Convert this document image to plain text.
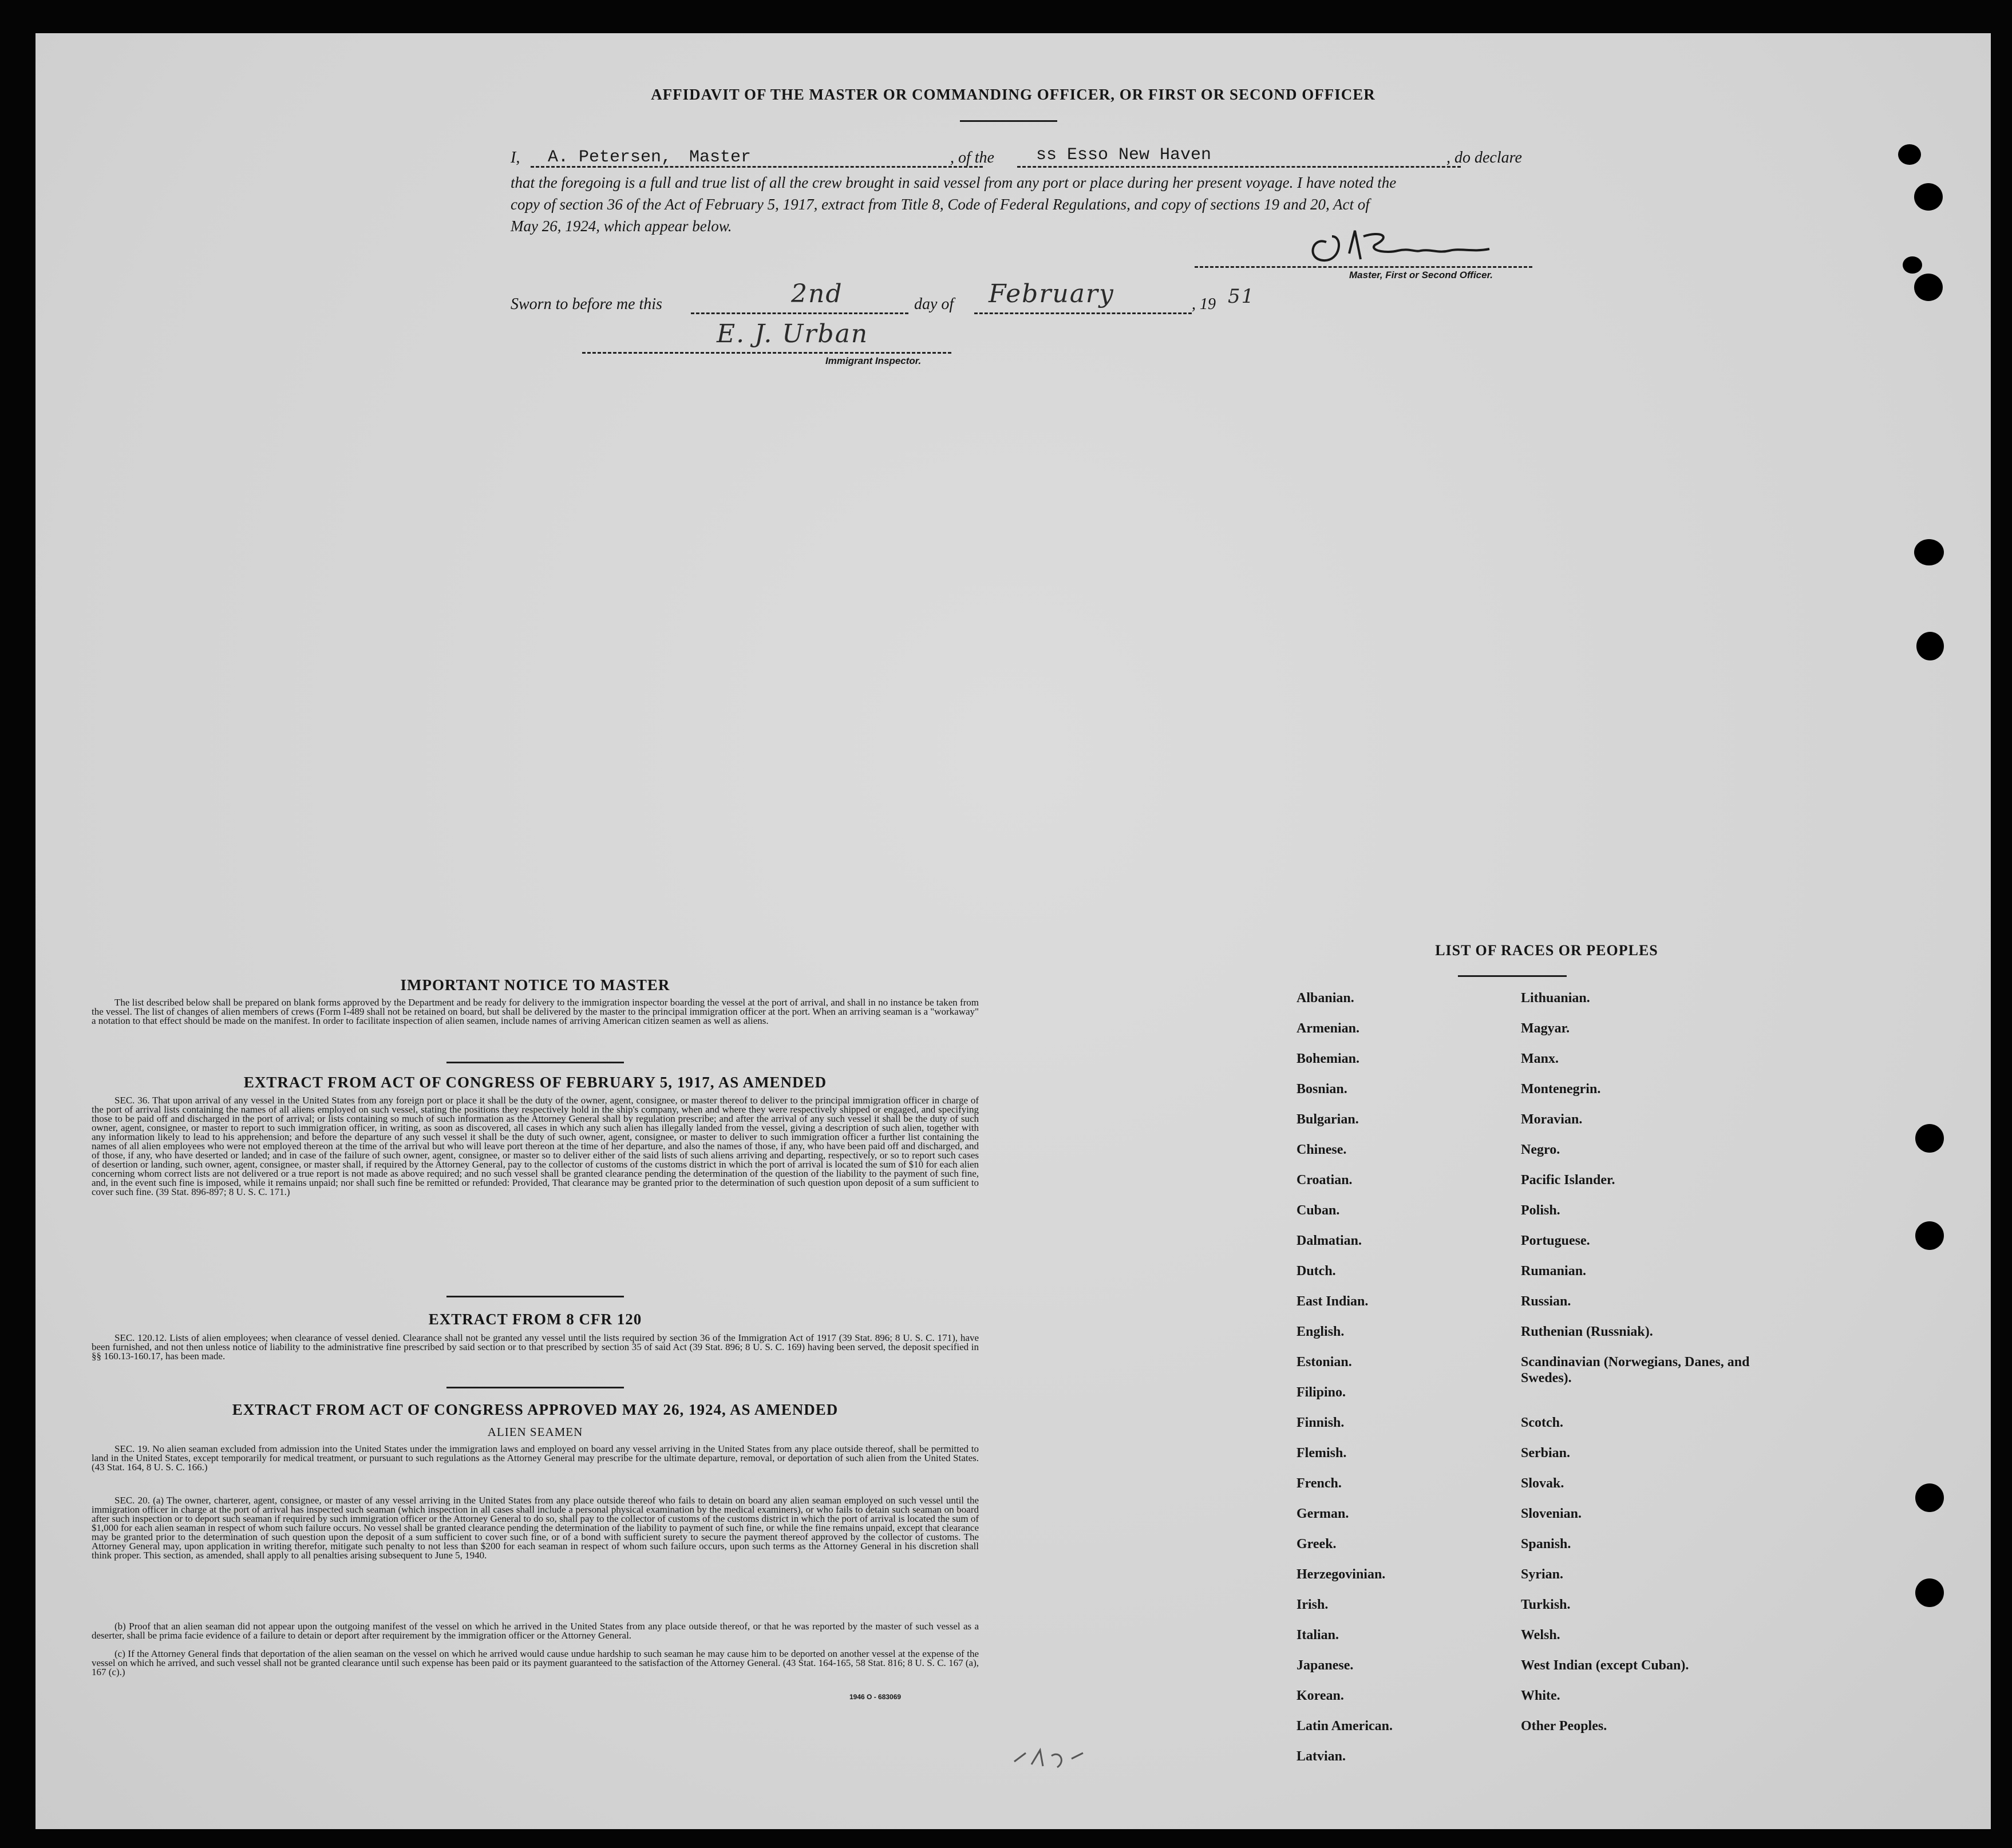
AFFIDAVIT OF THE MASTER OR COMMANDING OFFICER, OR FIRST OR SECOND OFFICER
I, A. Petersen, Master	, of the ss Esso New Haven	, do declare
that the foregoing is a full and true list of all the crew brought in said vessel from any port or place during her present voyage. I have noted the
copy of section 36 of the Act of February 5, 1917, extract from Title 8, Code of Federal Regulations, and copy of sections 19 and 20, Act of
May 26, 1924, which appear below.
Master, First or Second Officer.
Sworn to before me this	2nd	day of February	, 19 51
E. J. Urban
Immigrant Inspector.
IMPORTANT NOTICE TO MASTER
The list described below shall be prepared on blank forms approved by the Department and be ready for delivery to the immigration inspector boarding the vessel at the port of arrival, and shall in no instance be taken from the vessel. The list of changes of alien members of crews (Form I-489 shall not be retained on board, but shall be delivered by the master to the principal immigration officer at the port. When an arriving seaman is a "workaway" a notation to that effect should be made on the manifest. In order to facilitate inspection of alien seamen, include names of arriving American citizen seamen as well as aliens.
EXTRACT FROM ACT OF CONGRESS OF FEBRUARY 5, 1917, AS AMENDED
SEC. 36. That upon arrival of any vessel in the United States from any foreign port or place it shall be the duty of the owner, agent, consignee, or master thereof to deliver to the principal immigration officer in charge of the port of arrival lists containing the names of all aliens employed on such vessel, stating the positions they respectively hold in the ship's company, when and where they were respectively shipped or engaged, and specifying those to be paid off and discharged in the port of arrival; or lists containing so much of such information as the Attorney General shall by regulation prescribe; and after the arrival of any such vessel it shall be the duty of such owner, agent, consignee, or master to report to such immigration officer, in writing, as soon as discovered, all cases in which any such alien has illegally landed from the vessel, giving a description of such alien, together with any information likely to lead to his apprehension; and before the departure of any such vessel it shall be the duty of such owner, agent, consignee, or master to deliver to such immigration officer a further list containing the names of all alien employees who were not employed thereon at the time of the arrival but who will leave port thereon at the time of her departure, and also the names of those, if any, who have been paid off and discharged, and of those, if any, who have deserted or landed; and in case of the failure of such owner, agent, consignee, or master so to deliver either of the said lists of such aliens arriving and departing, respectively, or so to report such cases of desertion or landing, such owner, agent, consignee, or master shall, if required by the Attorney General, pay to the collector of customs of the customs district in which the port of arrival is located the sum of $10 for each alien concerning whom correct lists are not delivered or a true report is not made as above required; and no such vessel shall be granted clearance pending the determination of the question of the liability to the payment of such fine, and, in the event such fine is imposed, while it remains unpaid; nor shall such fine be remitted or refunded: Provided, That clearance may be granted prior to the determination of such question upon deposit of a sum sufficient to cover such fine. (39 Stat. 896-897; 8 U. S. C. 171.)
EXTRACT FROM 8 CFR 120
SEC. 120.12. Lists of alien employees; when clearance of vessel denied. Clearance shall not be granted any vessel until the lists required by section 36 of the Immigration Act of 1917 (39 Stat. 896; 8 U. S. C. 171), have been furnished, and not then unless notice of liability to the administrative fine prescribed by said section or to that prescribed by section 35 of said Act (39 Stat. 896; 8 U. S. C. 169) having been served, the deposit specified in §§ 160.13-160.17, has been made.
EXTRACT FROM ACT OF CONGRESS APPROVED MAY 26, 1924, AS AMENDED
ALIEN SEAMEN
SEC. 19. No alien seaman excluded from admission into the United States under the immigration laws and employed on board any vessel arriving in the United States from any place outside thereof, shall be permitted to land in the United States, except temporarily for medical treatment, or pursuant to such regulations as the Attorney General may prescribe for the ultimate departure, removal, or deportation of such alien from the United States. (43 Stat. 164, 8 U. S. C. 166.)
SEC. 20. (a) The owner, charterer, agent, consignee, or master of any vessel arriving in the United States from any place outside thereof who fails to detain on board any alien seaman employed on such vessel until the immigration officer in charge at the port of arrival has inspected such seaman (which inspection in all cases shall include a personal physical examination by the medical examiners), or who fails to detain such seaman on board after such inspection or to deport such seaman if required by such immigration officer or the Attorney General to do so, shall pay to the collector of customs of the customs district in which the port of arrival is located the sum of $1,000 for each alien seaman in respect of whom such failure occurs. No vessel shall be granted clearance pending the determination of the liability to payment of such fine, or while the fine remains unpaid, except that clearance may be granted prior to the determination of such question upon the deposit of a sum sufficient to cover such fine, or of a bond with sufficient surety to secure the payment thereof approved by the collector of customs. The Attorney General may, upon application in writing therefor, mitigate such penalty to not less than $200 for each seaman in respect of whom such failure occurs, upon such terms as the Attorney General in his discretion shall think proper. This section, as amended, shall apply to all penalties arising subsequent to June 5, 1940.
(b) Proof that an alien seaman did not appear upon the outgoing manifest of the vessel on which he arrived in the United States from any place outside thereof, or that he was reported by the master of such vessel as a deserter, shall be prima facie evidence of a failure to detain or deport after requirement by the immigration officer or the Attorney General.
(c) If the Attorney General finds that deportation of the alien seaman on the vessel on which he arrived would cause undue hardship to such seaman he may cause him to be deported on another vessel at the expense of the vessel on which he arrived, and such vessel shall not be granted clearance until such expense has been paid or its payment guaranteed to the satisfaction of the Attorney General. (43 Stat. 164-165, 58 Stat. 816; 8 U. S. C. 167 (a), 167 (c).)
1946 O - 683069
LIST OF RACES OR PEOPLES
Albanian.
Armenian.
Bohemian.
Bosnian.
Bulgarian.
Chinese.
Croatian.
Cuban.
Dalmatian.
Dutch.
East Indian.
English.
Estonian.
Filipino.
Finnish.
Flemish.
French.
German.
Greek.
Herzegovinian.
Irish.
Italian.
Japanese.
Korean.
Latin American.
Latvian.
Lithuanian.
Magyar.
Manx.
Montenegrin.
Moravian.
Negro.
Pacific Islander.
Polish.
Portuguese.
Rumanian.
Russian.
Ruthenian (Russniak).
Scandinavian (Norwegians, Danes, and Swedes).
Scotch.
Serbian.
Slovak.
Slovenian.
Spanish.
Syrian.
Turkish.
Welsh.
West Indian (except Cuban).
White.
Other Peoples.
